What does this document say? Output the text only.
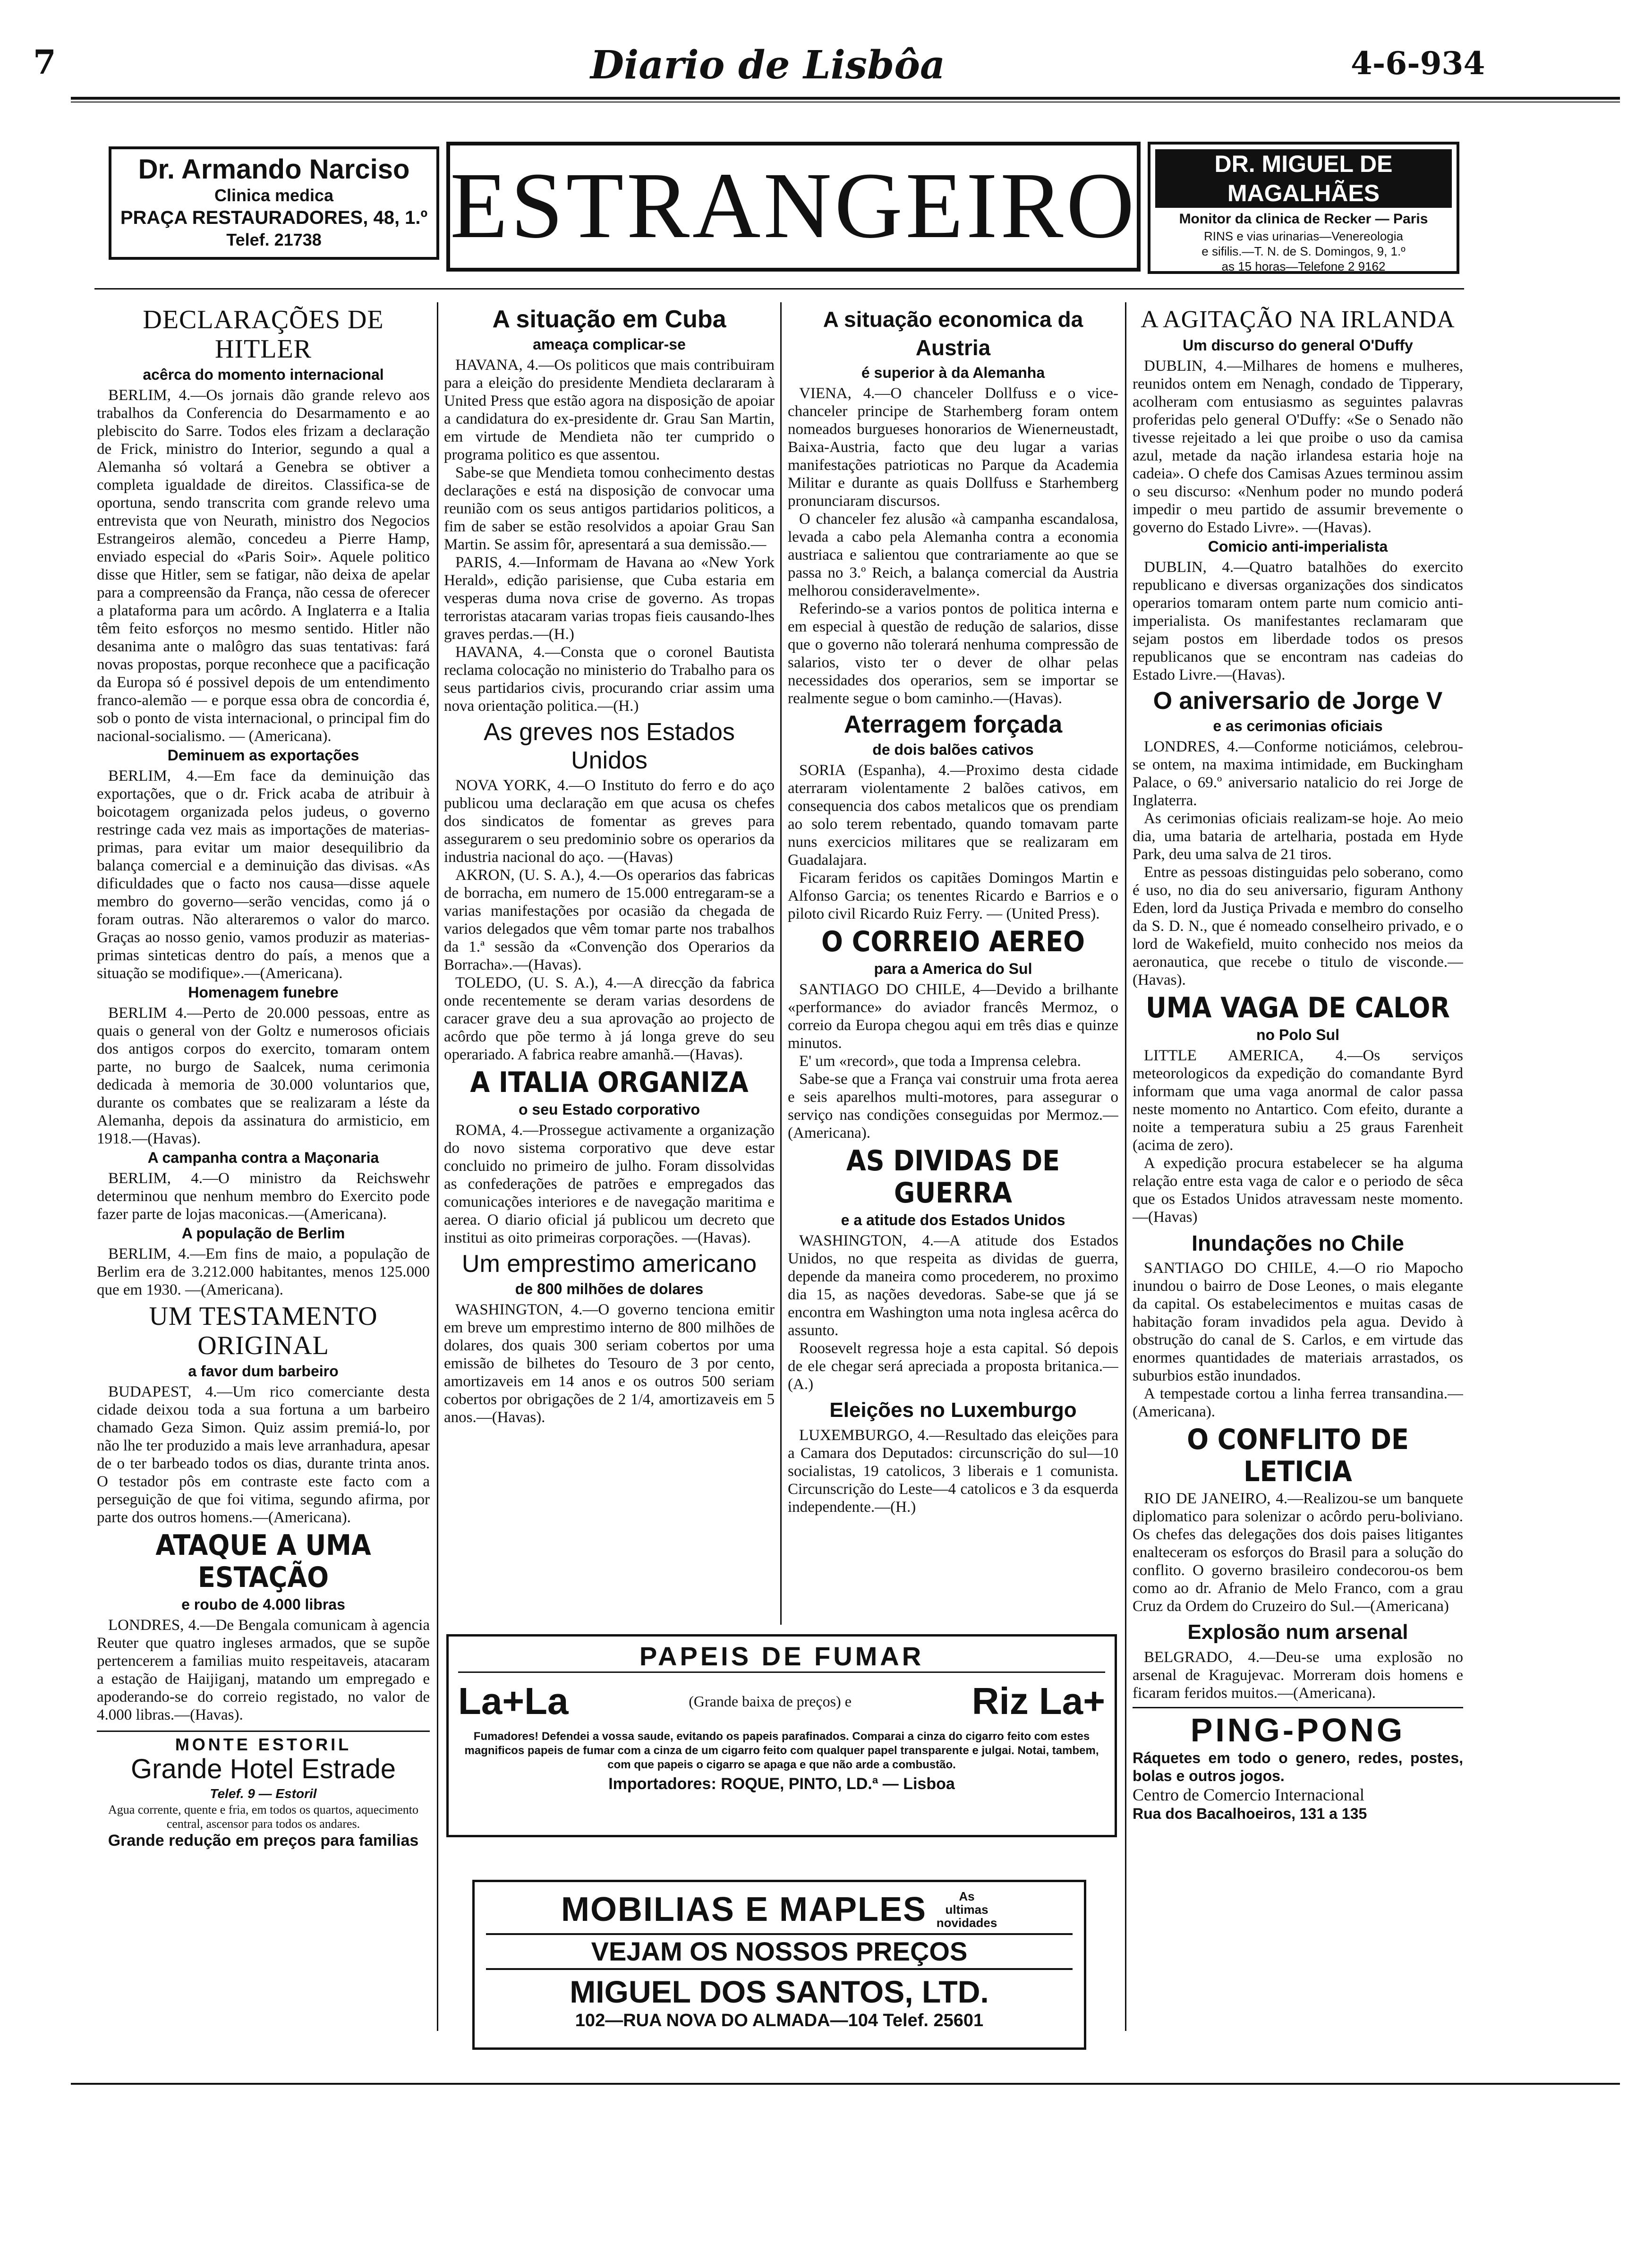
7	Diario de Lisbôa	4-6-934
Dr. Armando Narciso
Clinica medica
PRAÇA RESTAURADORES, 48, 1.º
Telef. 21738	ESTRANGEIRO	DR. MIGUEL DE MAGALHÃES
Monitor da clinica de Recker — Paris
RINS e vias urinarias—Venereologia
e sifilis.—T. N. de S. Domingos, 9, 1.º
as 15 horas—Telefone 2 9162
DECLARAÇÕES DE HITLER
acêrca do momento internacional

BERLIM, 4.—Os jornais dão grande relevo aos trabalhos da Conferencia do Desarmamento e ao plebiscito do Sarre. Todos eles frizam a declaração de Frick, ministro do Interior, segundo a qual a Alemanha só voltará a Genebra se obtiver a completa igualdade de direitos. Classifica-se de oportuna, sendo transcrita com grande relevo uma entrevista que von Neurath, ministro dos Negocios Estrangeiros alemão, concedeu a Pierre Hamp, enviado especial do «Paris Soir». Aquele politico disse que Hitler, sem se fatigar, não deixa de apelar para a compreensão da França, não cessa de oferecer a plataforma para um acôrdo. A Inglaterra e a Italia têm feito esforços no mesmo sentido. Hitler não desanima ante o malôgro das suas tentativas: fará novas propostas, porque reconhece que a pacificação da Europa só é possivel depois de um entendimento franco-alemão — e porque essa obra de concordia é, sob o ponto de vista internacional, o principal fim do nacional-socialismo. — (Americana).

Deminuem as exportações

BERLIM, 4.—Em face da deminuição das exportações, que o dr. Frick acaba de atribuir à boicotagem organizada pelos judeus, o governo restringe cada vez mais as importações de materias-primas, para evitar um maior desequilibrio da balança comercial e a deminuição das divisas. «As dificuldades que o facto nos causa—disse aquele membro do governo—serão vencidas, como já o foram outras. Não alteraremos o valor do marco. Graças ao nosso genio, vamos produzir as materias-primas sinteticas dentro do país, a menos que a situação se modifique».—(Americana).

Homenagem funebre

BERLIM 4.—Perto de 20.000 pessoas, entre as quais o general von der Goltz e numerosos oficiais dos antigos corpos do exercito, tomaram ontem parte, no burgo de Saalcek, numa cerimonia dedicada à memoria de 30.000 voluntarios que, durante os combates que se realizaram a léste da Alemanha, depois da assinatura do armisticio, em 1918.—(Havas).

A campanha contra a Maçonaria

BERLIM, 4.—O ministro da Reichswehr determinou que nenhum membro do Exercito pode fazer parte de lojas maconicas.—(Americana).

A população de Berlim

BERLIM, 4.—Em fins de maio, a população de Berlim era de 3.212.000 habitantes, menos 125.000 que em 1930. —(Americana).

UM TESTAMENTO ORIGINAL
a favor dum barbeiro

BUDAPEST, 4.—Um rico comerciante desta cidade deixou toda a sua fortuna a um barbeiro chamado Geza Simon. Quiz assim premiá-lo, por não lhe ter produzido a mais leve arranhadura, apesar de o ter barbeado todos os dias, durante trinta anos. O testador pôs em contraste este facto com a perseguição de que foi vitima, segundo afirma, por parte dos outros homens.—(Americana).

ATAQUE A UMA ESTAÇÃO
e roubo de 4.000 libras

LONDRES, 4.—De Bengala comunicam à agencia Reuter que quatro ingleses armados, que se supõe pertencerem a familias muito respeitaveis, atacaram a estação de Haijiganj, matando um empregado e apoderando-se do correio registado, no valor de 4.000 libras.—(Havas).

MONTE ESTORIL
Grande Hotel Estrade
Telef. 9 — Estoril
Agua corrente, quente e fria, em todos os quartos, aquecimento central, ascensor para todos os andares.
Grande redução em preços para familias
A situação em Cuba
ameaça complicar-se

HAVANA, 4.—Os politicos que mais contribuiram para a eleição do presidente Mendieta declararam à United Press que estão agora na disposição de apoiar a candidatura do ex-presidente dr. Grau San Martin, em virtude de Mendieta não ter cumprido o programa politico es que assentou.

Sabe-se que Mendieta tomou conhecimento destas declarações e está na disposição de convocar uma reunião com os seus antigos partidarios politicos, a fim de saber se estão resolvidos a apoiar Grau San Martin. Se assim fôr, apresentará a sua demissão.—

PARIS, 4.—Informam de Havana ao «New York Herald», edição parisiense, que Cuba estaria em vesperas duma nova crise de governo. As tropas terroristas atacaram varias tropas fieis causando-lhes graves perdas.—(H.)

HAVANA, 4.—Consta que o coronel Bautista reclama colocação no ministerio do Trabalho para os seus partidarios civis, procurando criar assim uma nova orientação politica.—(H.)

As greves nos Estados Unidos

NOVA YORK, 4.—O Instituto do ferro e do aço publicou uma declaração em que acusa os chefes dos sindicatos de fomentar as greves para assegurarem o seu predominio sobre os operarios da industria nacional do aço. —(Havas)

AKRON, (U. S. A.), 4.—Os operarios das fabricas de borracha, em numero de 15.000 entregaram-se a varias manifestações por ocasião da chegada de varios delegados que vêm tomar parte nos trabalhos da 1.ª sessão da «Convenção dos Operarios da Borracha».—(Havas).

TOLEDO, (U. S. A.), 4.—A direcção da fabrica onde recentemente se deram varias desordens de caracer grave deu a sua aprovação ao projecto de acôrdo que põe termo à já longa greve do seu operariado. A fabrica reabre amanhã.—(Havas).

A ITALIA ORGANIZA
o seu Estado corporativo

ROMA, 4.—Prossegue activamente a organização do novo sistema corporativo que deve estar concluido no primeiro de julho. Foram dissolvidas as confederações de patrões e empregados das comunicações interiores e de navegação maritima e aerea. O diario oficial já publicou um decreto que institui as oito primeiras corporações. —(Havas).

Um emprestimo americano
de 800 milhões de dolares

WASHINGTON, 4.—O governo tenciona emitir em breve um emprestimo interno de 800 milhões de dolares, dos quais 300 seriam cobertos por uma emissão de bilhetes do Tesouro de 3 por cento, amortizaveis em 14 anos e os outros 500 seriam cobertos por obrigações de 2 1/4, amortizaveis em 5 anos.—(Havas).

A situação economica da Austria
é superior à da Alemanha

VIENA, 4.—O chanceler Dollfuss e o vice-chanceler principe de Starhemberg foram ontem nomeados burgueses honorarios de Wienerneustadt, Baixa-Austria, facto que deu lugar a varias manifestações patrioticas no Parque da Academia Militar e durante as quais Dollfuss e Starhemberg pronunciaram discursos.

O chanceler fez alusão «à campanha escandalosa, levada a cabo pela Alemanha contra a economia austriaca e salientou que contrariamente ao que se passa no 3.º Reich, a balança comercial da Austria melhorou consideravelmente».

Referindo-se a varios pontos de politica interna e em especial à questão de redução de salarios, disse que o governo não tolerará nenhuma compressão de salarios, visto ter o dever de olhar pelas necessidades dos operarios, sem se importar se realmente segue o bom caminho.—(Havas).

Aterragem forçada
de dois balões cativos

SORIA (Espanha), 4.—Proximo desta cidade aterraram violentamente 2 balões cativos, em consequencia dos cabos metalicos que os prendiam ao solo terem rebentado, quando tomavam parte nuns exercicios militares que se realizaram em Guadalajara.

Ficaram feridos os capitães Domingos Martin e Alfonso Garcia; os tenentes Ricardo e Barrios e o piloto civil Ricardo Ruiz Ferry. — (United Press).

O CORREIO AEREO
para a America do Sul

SANTIAGO DO CHILE, 4—Devido a brilhante «performance» do aviador francês Mermoz, o correio da Europa chegou aqui em três dias e quinze minutos.

E' um «record», que toda a Imprensa celebra.

Sabe-se que a França vai construir uma frota aerea e seis aparelhos multi-motores, para assegurar o serviço nas condições conseguidas por Mermoz.—(Americana).

AS DIVIDAS DE GUERRA
e a atitude dos Estados Unidos

WASHINGTON, 4.—A atitude dos Estados Unidos, no que respeita as dividas de guerra, depende da maneira como procederem, no proximo dia 15, as nações devedoras. Sabe-se que já se encontra em Washington uma nota inglesa acêrca do assunto.

Roosevelt regressa hoje a esta capital. Só depois de ele chegar será apreciada a proposta britanica.—(A.)

Eleições no Luxemburgo

LUXEMBURGO, 4.—Resultado das eleições para a Camara dos Deputados: circunscrição do sul—10 socialistas, 19 catolicos, 3 liberais e 1 comunista. Circunscrição do Leste—4 catolicos e 3 da esquerda independente.—(H.)

A AGITAÇÃO NA IRLANDA
Um discurso do general O'Duffy

DUBLIN, 4.—Milhares de homens e mulheres, reunidos ontem em Nenagh, condado de Tipperary, acolheram com entusiasmo as seguintes palavras proferidas pelo general O'Duffy: «Se o Senado não tivesse rejeitado a lei que proibe o uso da camisa azul, metade da nação irlandesa estaria hoje na cadeia». O chefe dos Camisas Azues terminou assim o seu discurso: «Nenhum poder no mundo poderá impedir o meu partido de assumir brevemente o governo do Estado Livre». —(Havas).

Comicio anti-imperialista

DUBLIN, 4.—Quatro batalhões do exercito republicano e diversas organizações dos sindicatos operarios tomaram ontem parte num comicio anti-imperialista. Os manifestantes reclamaram que sejam postos em liberdade todos os presos republicanos que se encontram nas cadeias do Estado Livre.—(Havas).

O aniversario de Jorge V
e as cerimonias oficiais

LONDRES, 4.—Conforme noticiámos, celebrou-se ontem, na maxima intimidade, em Buckingham Palace, o 69.º aniversario natalicio do rei Jorge de Inglaterra.

As cerimonias oficiais realizam-se hoje. Ao meio dia, uma bataria de artelharia, postada em Hyde Park, deu uma salva de 21 tiros.

Entre as pessoas distinguidas pelo soberano, como é uso, no dia do seu aniversario, figuram Anthony Eden, lord da Justiça Privada e membro do conselho da S. D. N., que é nomeado conselheiro privado, e o lord de Wakefield, muito conhecido nos meios da aeronautica, que recebe o titulo de visconde.—(Havas).

UMA VAGA DE CALOR
no Polo Sul

LITTLE AMERICA, 4.—Os serviços meteorologicos da expedição do comandante Byrd informam que uma vaga anormal de calor passa neste momento no Antartico. Com efeito, durante a noite a temperatura subiu a 25 graus Farenheit (acima de zero).

A expedição procura estabelecer se ha alguma relação entre esta vaga de calor e o periodo de sêca que os Estados Unidos atravessam neste momento.—(Havas)

Inundações no Chile

SANTIAGO DO CHILE, 4.—O rio Mapocho inundou o bairro de Dose Leones, o mais elegante da capital. Os estabelecimentos e muitas casas de habitação foram invadidos pela agua. Devido à obstrução do canal de S. Carlos, e em virtude das enormes quantidades de materiais arrastados, os suburbios estão inundados.

A tempestade cortou a linha ferrea transandina.—(Americana).

O CONFLITO DE LETICIA

RIO DE JANEIRO, 4.—Realizou-se um banquete diplomatico para solenizar o acôrdo peru-boliviano. Os chefes das delegações dos dois paises litigantes enalteceram os esforços do Brasil para a solução do conflito. O governo brasileiro condecorou-os bem como ao dr. Afranio de Melo Franco, com a grau Cruz da Ordem do Cruzeiro do Sul.—(Americana)

Explosão num arsenal

BELGRADO, 4.—Deu-se uma explosão no arsenal de Kragujevac. Morreram dois homens e ficaram feridos muitos.—(Americana).

PING-PONG
Ráquetes em todo o genero, redes, postes, bolas e outros jogos.
Centro de Comercio Internacional
Rua dos Bacalhoeiros, 131 a 135
PAPEIS DE FUMAR
La+La	(Grande baixa de preços) e	Riz La+
Fumadores! Defendei a vossa saude, evitando os papeis parafinados. Comparai a cinza do cigarro feito com estes magnificos papeis de fumar com a cinza de um cigarro feito com qualquer papel transparente e julgai. Notai, tambem, com que papeis o cigarro se apaga e que não arde a combustão.
Importadores: ROQUE, PINTO, LD.ª — Lisboa
MOBILIAS E MAPLES	As ultimas novidades
VEJAM OS NOSSOS PREÇOS
MIGUEL DOS SANTOS, LTD.
102—RUA NOVA DO ALMADA—104 Telef. 25601
